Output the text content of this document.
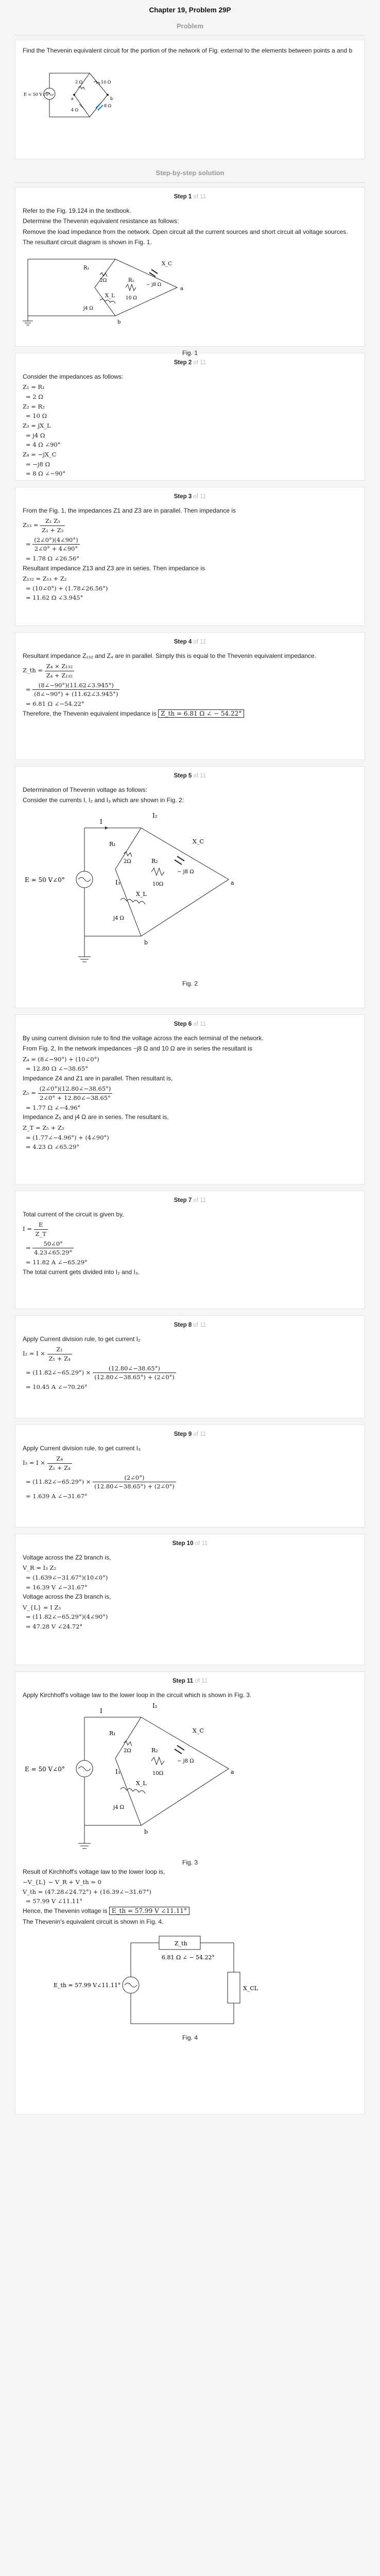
Chapter 19, Problem 29P
Problem

Find the Thevenin equivalent circuit for the portion of the network of Fig. external to the elements between points a and b

E = 50 V∠0°
2 Ω	10 Ω
8 Ω
4 Ω
a	b
Step-by-step solution
Step 1 of 11

Refer to the Fig. 19.124 in the textbook.

Determine the Thevenin equivalent resistance as follows:

Remove the load impedance from the network. Open circuit all the current sources and short circuit all voltage sources.

The resultant circuit diagram is shown in Fig. 1.

R₁
2Ω	R₂
10 Ω
X_C
− j8 Ω
X_L
j4 Ω
a
b
Fig. 1
Step 2 of 11

Consider the impedances as follows:

Z₁ = R₁
= 2 Ω
Z₂ = R₂
= 10 Ω
Z₃ = jX_L
= j4 Ω
= 4 Ω ∠90°
Z₄ = −jX_C
= −j8 Ω
= 8 Ω ∠−90°
Step 3 of 11

From the Fig. 1, the impedances Z1 and Z3 are in parallel. Then impedance is

$Z_{13} = \frac{\text{Z₁ Z₃}}{\text{Z₁ + Z₃}}$
= $\frac{(2\angle 0^\circ)(4\angle 90^\circ)}{2\angle 0^\circ + 4\angle 90^\circ}$
= 1.78 Ω ∠26.56°

Resultant impedance Z13 and Z3 are in series. Then impedance is

Z₁₃₂ = Z₁₃ + Z₂
= (10∠0°) + (1.78∠26.56°)
= 11.62 Ω ∠3.945°
Step 4 of 11

Resultant impedance Z₁₃₂ and Z₄ are in parallel. Simply this is equal to the Thevenin equivalent impedance.

Z_th = $\frac{\text{Z₄ × Z₁₃₂}}{\text{Z₄ + Z₁₃₂}}$
= $\frac{(8\angle-90^\circ)(11.62\angle 3.945^\circ)}{(8\angle-90^\circ) + (11.62\angle 3.945^\circ)}$
= 6.81 Ω ∠−54.22°

Therefore, the Thevenin equivalent impedance is Z_th = 6.81 Ω ∠ − 54.22°

Step 5 of 11

Determination of Thevenin voltage as follows:

Consider the currents I, I₂ and I₃ which are shown in Fig. 2:

I
I₂
I₃
E = 50 V∠0°
R₁
2Ω	R₂
10Ω
X_C
− j8 Ω
X_L
j4 Ω
a
b
Fig. 2
Step 6 of 11

By using current division rule to find the voltage across the each terminal of the network.

From Fig. 2, In the network impedances −j8 Ω and 10 Ω are in series the resultant is

Z₄ = (8∠−90°) + (10∠0°)
= 12.80 Ω ∠−38.65°

Impedance Z4 and Z1 are in parallel. Then resultant is,

$Z_5 = \frac{(2\angle 0^\circ)(12.80\angle-38.65^\circ)}{2\angle 0^\circ + 12.80\angle-38.65^\circ}$
= 1.77 Ω ∠−4.96°

Impedance Z₅ and j4 Ω are in series. The resultant is,

Z_T = Z₅ + Z₃
= (1.77∠−4.96°) + (4∠90°)
= 4.23 Ω ∠65.29°
Step 7 of 11

Total current of the circuit is given by,

$I = \frac{E}{Z\_T}$
= $\frac{50\angle 0^\circ}{4.23\angle 65.29^\circ}$
= 11.82 A ∠−65.29°

The total current gets divided into I₂ and I₃.

Step 8 of 11

Apply Current division rule, to get current I₂

$I_2 = I \times \frac{\text{Z₁}}{\text{Z₁ + Z₄}}$
= (11.82∠−65.29°) × $\frac{(12.80\angle-38.65^\circ)}{(12.80\angle-38.65^\circ) + (2\angle 0^\circ)}$
= 10.45 A ∠−70.26°
Step 9 of 11

Apply Current division rule, to get current I₃

$I_3 = I \times \frac{\text{Z₄}}{\text{Z₁ + Z₄}}$
= (11.82∠−65.29°) × $\frac{(2\angle 0^\circ)}{(12.80\angle-38.65^\circ) + (2\angle 0^\circ)}$
= 1.639 A ∠−31.67°
Step 10 of 11

Voltage across the Z2 branch is,

V_R = I₃ Z₂
= (1.639∠−31.67°)(10∠0°)
= 16.39 V ∠−31.67°

Voltage across the Z3 branch is,

V_{L} = I Z₃
= (11.82∠−65.29°)(4∠90°)
= 47.28 V ∠24.72°
Step 11 of 11

Apply Kirchhoff's voltage law to the lower loop in the circuit which is shown in Fig. 3.

I
I₂
I₃
E = 50 V∠0°
R₁
2Ω	R₂
10Ω
X_C
− j8 Ω
X_L
j4 Ω
a
b
Fig. 3

Result of Kirchhoff's voltage law to the lower loop is,

−V_{L} − V_R + V_th = 0
V_th = (47.28∠24.72°) + (16.39∠−31.67°)
= 57.99 V ∠11.11°

Hence, the Thevenin voltage is E_th = 57.99 V ∠11.11°

The Thevenin's equivalent circuit is shown in Fig. 4.

Z_th
6.81 Ω ∠ − 54.22°
E_th = 57.99 V∠11.11°	X_CL
Fig. 4
